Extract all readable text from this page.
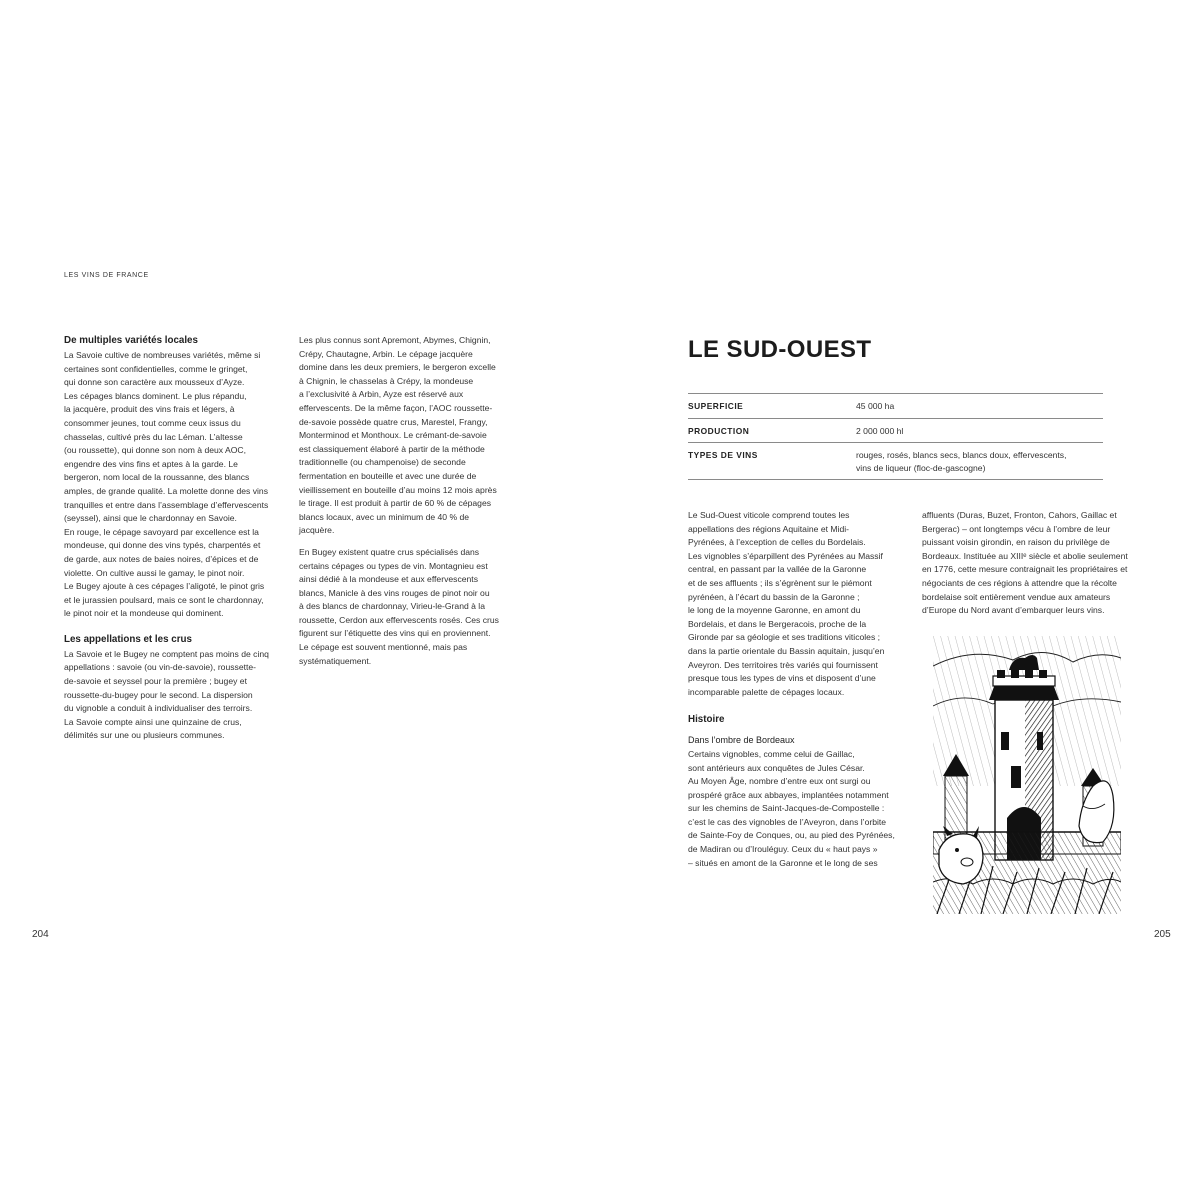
LES VINS DE FRANCE

De multiples variétés locales

La Savoie cultive de nombreuses variétés, même si

certaines sont confidentielles, comme le gringet,

qui donne son caractère aux mousseux d’Ayze.

Les cépages blancs dominent. Le plus répandu,

la jacquère, produit des vins frais et légers, à

consommer jeunes, tout comme ceux issus du

chasselas, cultivé près du lac Léman. L’altesse

(ou roussette), qui donne son nom à deux AOC,

engendre des vins fins et aptes à la garde. Le

bergeron, nom local de la roussanne, des blancs

amples, de grande qualité. La molette donne des vins

tranquilles et entre dans l’assemblage d’effervescents

(seyssel), ainsi que le chardonnay en Savoie.

En rouge, le cépage savoyard par excellence est la

mondeuse, qui donne des vins typés, charpentés et

de garde, aux notes de baies noires, d’épices et de

violette. On cultive aussi le gamay, le pinot noir.

Le Bugey ajoute à ces cépages l’aligoté, le pinot gris

et le jurassien poulsard, mais ce sont le chardonnay,

le pinot noir et la mondeuse qui dominent.

Les appellations et les crus

La Savoie et le Bugey ne comptent pas moins de cinq

appellations : savoie (ou vin-de-savoie), roussette-

de-savoie et seyssel pour la première ; bugey et

roussette-du-bugey pour le second. La dispersion

du vignoble a conduit à individualiser des terroirs.

La Savoie compte ainsi une quinzaine de crus,

délimités sur une ou plusieurs communes.

Les plus connus sont Apremont, Abymes, Chignin,

Crépy, Chautagne, Arbin. Le cépage jacquère

domine dans les deux premiers, le bergeron excelle

à Chignin, le chasselas à Crépy, la mondeuse

a l’exclusivité à Arbin, Ayze est réservé aux

effervescents. De la même façon, l’AOC roussette-

de-savoie possède quatre crus, Marestel, Frangy,

Monterminod et Monthoux. Le crémant-de-savoie

est classiquement élaboré à partir de la méthode

traditionnelle (ou champenoise) de seconde

fermentation en bouteille et avec une durée de

vieillissement en bouteille d’au moins 12 mois après

le tirage. Il est produit à partir de 60 % de cépages

blancs locaux, avec un minimum de 40 % de

jacquère.

En Bugey existent quatre crus spécialisés dans

certains cépages ou types de vin. Montagnieu est

ainsi dédié à la mondeuse et aux effervescents

blancs, Manicle à des vins rouges de pinot noir ou

à des blancs de chardonnay, Virieu-le-Grand à la

roussette, Cerdon aux effervescents rosés. Ces crus

figurent sur l’étiquette des vins qui en proviennent.

Le cépage est souvent mentionné, mais pas

systématiquement.

204
LE SUD-OUEST
SUPERFICIE	45 000 ha
PRODUCTION	2 000 000 hl
TYPES DE VINS	rouges, rosés, blancs secs, blancs doux, effervescents,
vins de liqueur (floc-de-gascogne)

Le Sud-Ouest viticole comprend toutes les

appellations des régions Aquitaine et Midi-

Pyrénées, à l’exception de celles du Bordelais.

Les vignobles s’éparpillent des Pyrénées au Massif

central, en passant par la vallée de la Garonne

et de ses affluents ; ils s’égrènent sur le piémont

pyrénéen, à l’écart du bassin de la Garonne ;

le long de la moyenne Garonne, en amont du

Bordelais, et dans le Bergeracois, proche de la

Gironde par sa géologie et ses traditions viticoles ;

dans la partie orientale du Bassin aquitain, jusqu’en

Aveyron. Des territoires très variés qui fournissent

presque tous les types de vins et disposent d’une

incomparable palette de cépages locaux.

Histoire

Dans l’ombre de Bordeaux

Certains vignobles, comme celui de Gaillac,

sont antérieurs aux conquêtes de Jules César.

Au Moyen Âge, nombre d’entre eux ont surgi ou

prospéré grâce aux abbayes, implantées notamment

sur les chemins de Saint-Jacques-de-Compostelle :

c’est le cas des vignobles de l’Aveyron, dans l’orbite

de Sainte-Foy de Conques, ou, au pied des Pyrénées,

de Madiran ou d’Irouléguy. Ceux du « haut pays »

– situés en amont de la Garonne et le long de ses

affluents (Duras, Buzet, Fronton, Cahors, Gaillac et

Bergerac) – ont longtemps vécu à l’ombre de leur

puissant voisin girondin, en raison du privilège de

Bordeaux. Instituée au XIIIᵉ siècle et abolie seulement

en 1776, cette mesure contraignait les propriétaires et

négociants de ces régions à attendre que la récolte

bordelaise soit entièrement vendue aux amateurs

d’Europe du Nord avant d’embarquer leurs vins.

205
